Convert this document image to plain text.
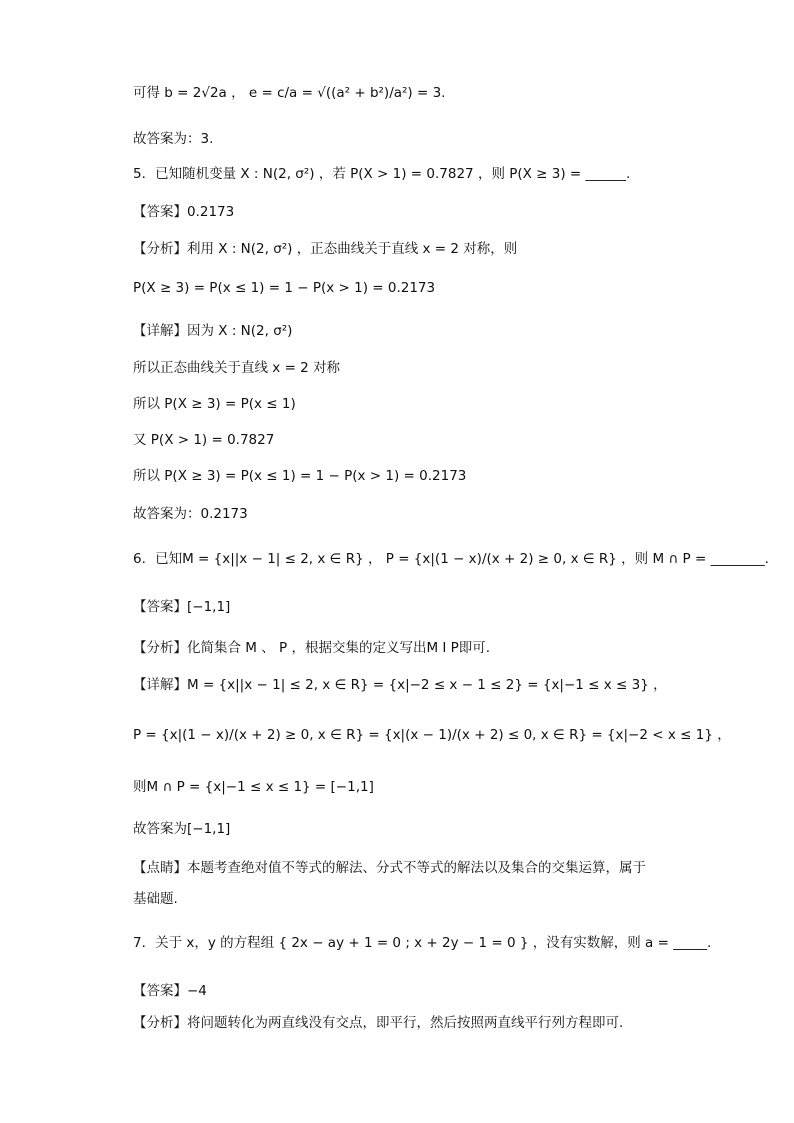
可得 b = 2√2a ， e = c/a = √((a² + b²)/a²) = 3.
故答案为：3.
5．已知随机变量 X : N(2, σ²) ，若 P(X > 1) = 0.7827 ，则 P(X ≥ 3) = ______.
【答案】0.2173
【分析】利用 X : N(2, σ²) ，正态曲线关于直线 x = 2 对称，则
P(X ≥ 3) = P(x ≤ 1) = 1 − P(x > 1) = 0.2173
【详解】因为 X : N(2, σ²)
所以正态曲线关于直线 x = 2 对称
所以 P(X ≥ 3) = P(x ≤ 1)
又 P(X > 1) = 0.7827
所以 P(X ≥ 3) = P(x ≤ 1) = 1 − P(x > 1) = 0.2173
故答案为：0.2173
6．已知M = {x||x − 1| ≤ 2, x ∈ R} ， P = {x|(1 − x)/(x + 2) ≥ 0, x ∈ R} ，则 M ∩ P = ________.
【答案】[−1,1]
【分析】化简集合 M 、 P ，根据交集的定义写出M I P即可.
【详解】M = {x||x − 1| ≤ 2, x ∈ R} = {x|−2 ≤ x − 1 ≤ 2} = {x|−1 ≤ x ≤ 3} ，
P = {x|(1 − x)/(x + 2) ≥ 0, x ∈ R} = {x|(x − 1)/(x + 2) ≤ 0, x ∈ R} = {x|−2 < x ≤ 1} ，
则M ∩ P = {x|−1 ≤ x ≤ 1} = [−1,1]
故答案为[−1,1]
【点睛】本题考查绝对值不等式的解法、分式不等式的解法以及集合的交集运算，属于
基础题.
7．关于 x，y 的方程组 { 2x − ay + 1 = 0 ; x + 2y − 1 = 0 } ，没有实数解，则 a = _____.
【答案】−4
【分析】将问题转化为两直线没有交点，即平行，然后按照两直线平行列方程即可.
